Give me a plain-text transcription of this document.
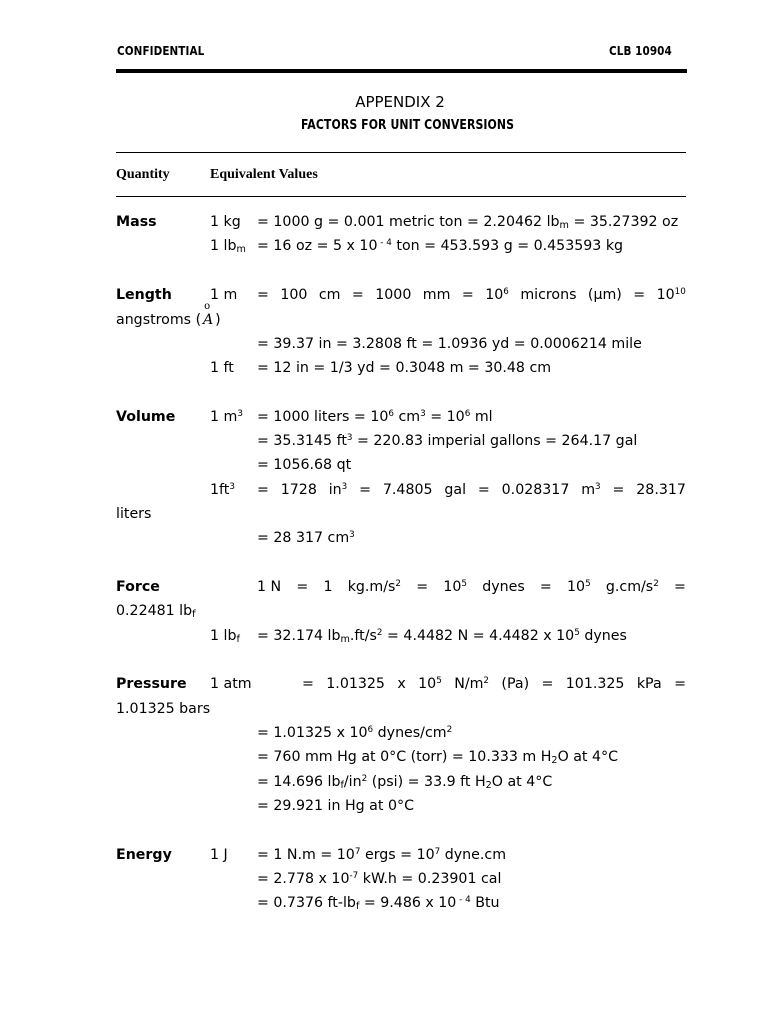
CONFIDENTIAL	CLB 10904
APPENDIX 2
FACTORS FOR UNIT CONVERSIONS
Quantity	Equivalent Values
Mass	1 kg = 1000 g = 0.001 metric ton = 2.20462 $lb_m = 35.27392$ oz
1 $lb_m = 16$ oz = 5 x 10 $^{- 4}$ ton = 453.593 g = 0.453593 kg
Length	1 m = 100 cm = 1000 mm = $10^6$ microns $(\mu m) = 10^{10}$
angstroms (
o
A )
= 39.37 in = 3.2808 ft = 1.0936 yd = 0.0006214 mile
1 ft = 12 in = 1/3 yd = 0.3048 m = 30.48 cm
Volume 1 $m^3 = 1000$ liters = $10^6$ $cm^3 = 10^6$ ml
= 35.3145 $ft^3 = 220.83$ imperial gallons = 264.17 gal
= 1056.68 qt
$1ft^3 = 1728$ $in^3 = 7.4805$ gal = 0.028317 $m^3 = 28.317$
liters
= 28 317 $cm^3$
Force	1 N = 1 $kg.m/s^2 = 10^5$ dynes = $10^5$ $g.cm/s^2$ =
0.22481 $lb_f$
1 $lb_f = 32.174$ $lb_m.ft/s^2 = 4.4482$ N = 4.4482 x $10^5$ dynes
Pressure 1 atm	= 1.01325 x $10^5$ $N/m^2$ (Pa) = 101.325 kPa =
1.01325 bars
= 1.01325 x $10^6$ dynes/$cm^2$
= 760 mm Hg at 0°C (torr) = 10.333 m $H_2O$ at 4°C
= 14.696 $lb_f/in^2$ (psi) = 33.9 ft $H_2O$ at 4°C
= 29.921 in Hg at 0°C
Energy	1 J = 1 $N.m = 10^7$ ergs = $10^7$ dyne.cm
= 2.778 x $10^{-7}$ kW.h = 0.23901 cal
= 0.7376 $ft-lb_f = 9.486$ x 10 $^{- 4}$ Btu
